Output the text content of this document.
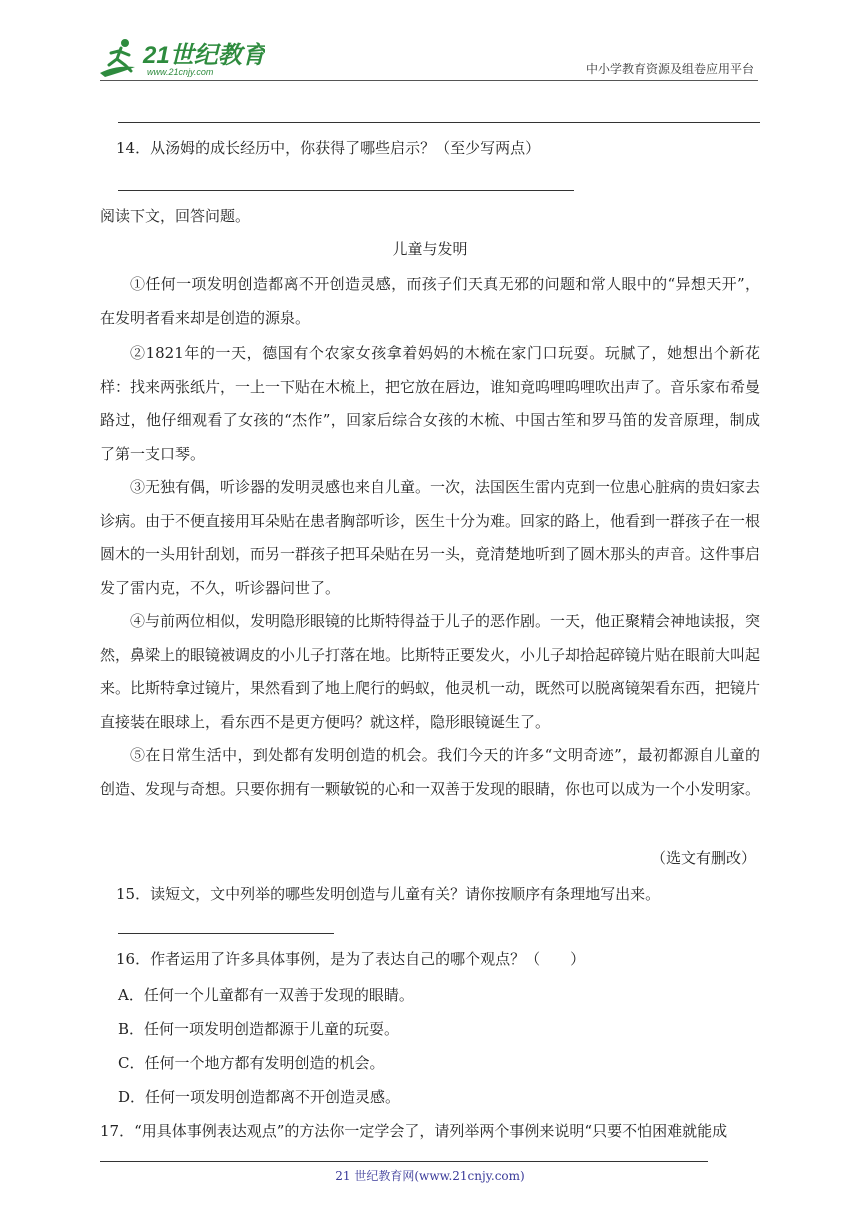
21世纪教育
www.21cnjy.com	中小学教育资源及组卷应用平台
14．从汤姆的成长经历中，你获得了哪些启示？（至少写两点）
阅读下文，回答问题。
儿童与发明
①任何一项发明创造都离不开创造灵感，而孩子们天真无邪的问题和常人眼中的“异想天开”，在发明者看来却是创造的源泉。
②1821年的一天，德国有个农家女孩拿着妈妈的木梳在家门口玩耍。玩腻了，她想出个新花样：找来两张纸片，一上一下贴在木梳上，把它放在唇边，谁知竟呜哩呜哩吹出声了。音乐家布希曼路过，他仔细观看了女孩的“杰作”，回家后综合女孩的木梳、中国古笙和罗马笛的发音原理，制成了第一支口琴。
③无独有偶，听诊器的发明灵感也来自儿童。一次，法国医生雷内克到一位患心脏病的贵妇家去诊病。由于不便直接用耳朵贴在患者胸部听诊，医生十分为难。回家的路上，他看到一群孩子在一根圆木的一头用针刮划，而另一群孩子把耳朵贴在另一头，竟清楚地听到了圆木那头的声音。这件事启发了雷内克，不久，听诊器问世了。
④与前两位相似，发明隐形眼镜的比斯特得益于儿子的恶作剧。一天，他正聚精会神地读报，突然，鼻梁上的眼镜被调皮的小儿子打落在地。比斯特正要发火，小儿子却拾起碎镜片贴在眼前大叫起来。比斯特拿过镜片，果然看到了地上爬行的蚂蚁，他灵机一动，既然可以脱离镜架看东西，把镜片直接装在眼球上，看东西不是更方便吗？就这样，隐形眼镜诞生了。
⑤在日常生活中，到处都有发明创造的机会。我们今天的许多“文明奇迹”，最初都源自儿童的创造、发现与奇想。只要你拥有一颗敏锐的心和一双善于发现的眼睛，你也可以成为一个小发明家。
（选文有删改）
15．读短文，文中列举的哪些发明创造与儿童有关？请你按顺序有条理地写出来。
16．作者运用了许多具体事例，是为了表达自己的哪个观点？（　　）
A．任何一个儿童都有一双善于发现的眼睛。
B．任何一项发明创造都源于儿童的玩耍。
C．任何一个地方都有发明创造的机会。
D．任何一项发明创造都离不开创造灵感。
17．“用具体事例表达观点”的方法你一定学会了，请列举两个事例来说明“只要不怕困难就能成
21 世纪教育网(www.21cnjy.com)
